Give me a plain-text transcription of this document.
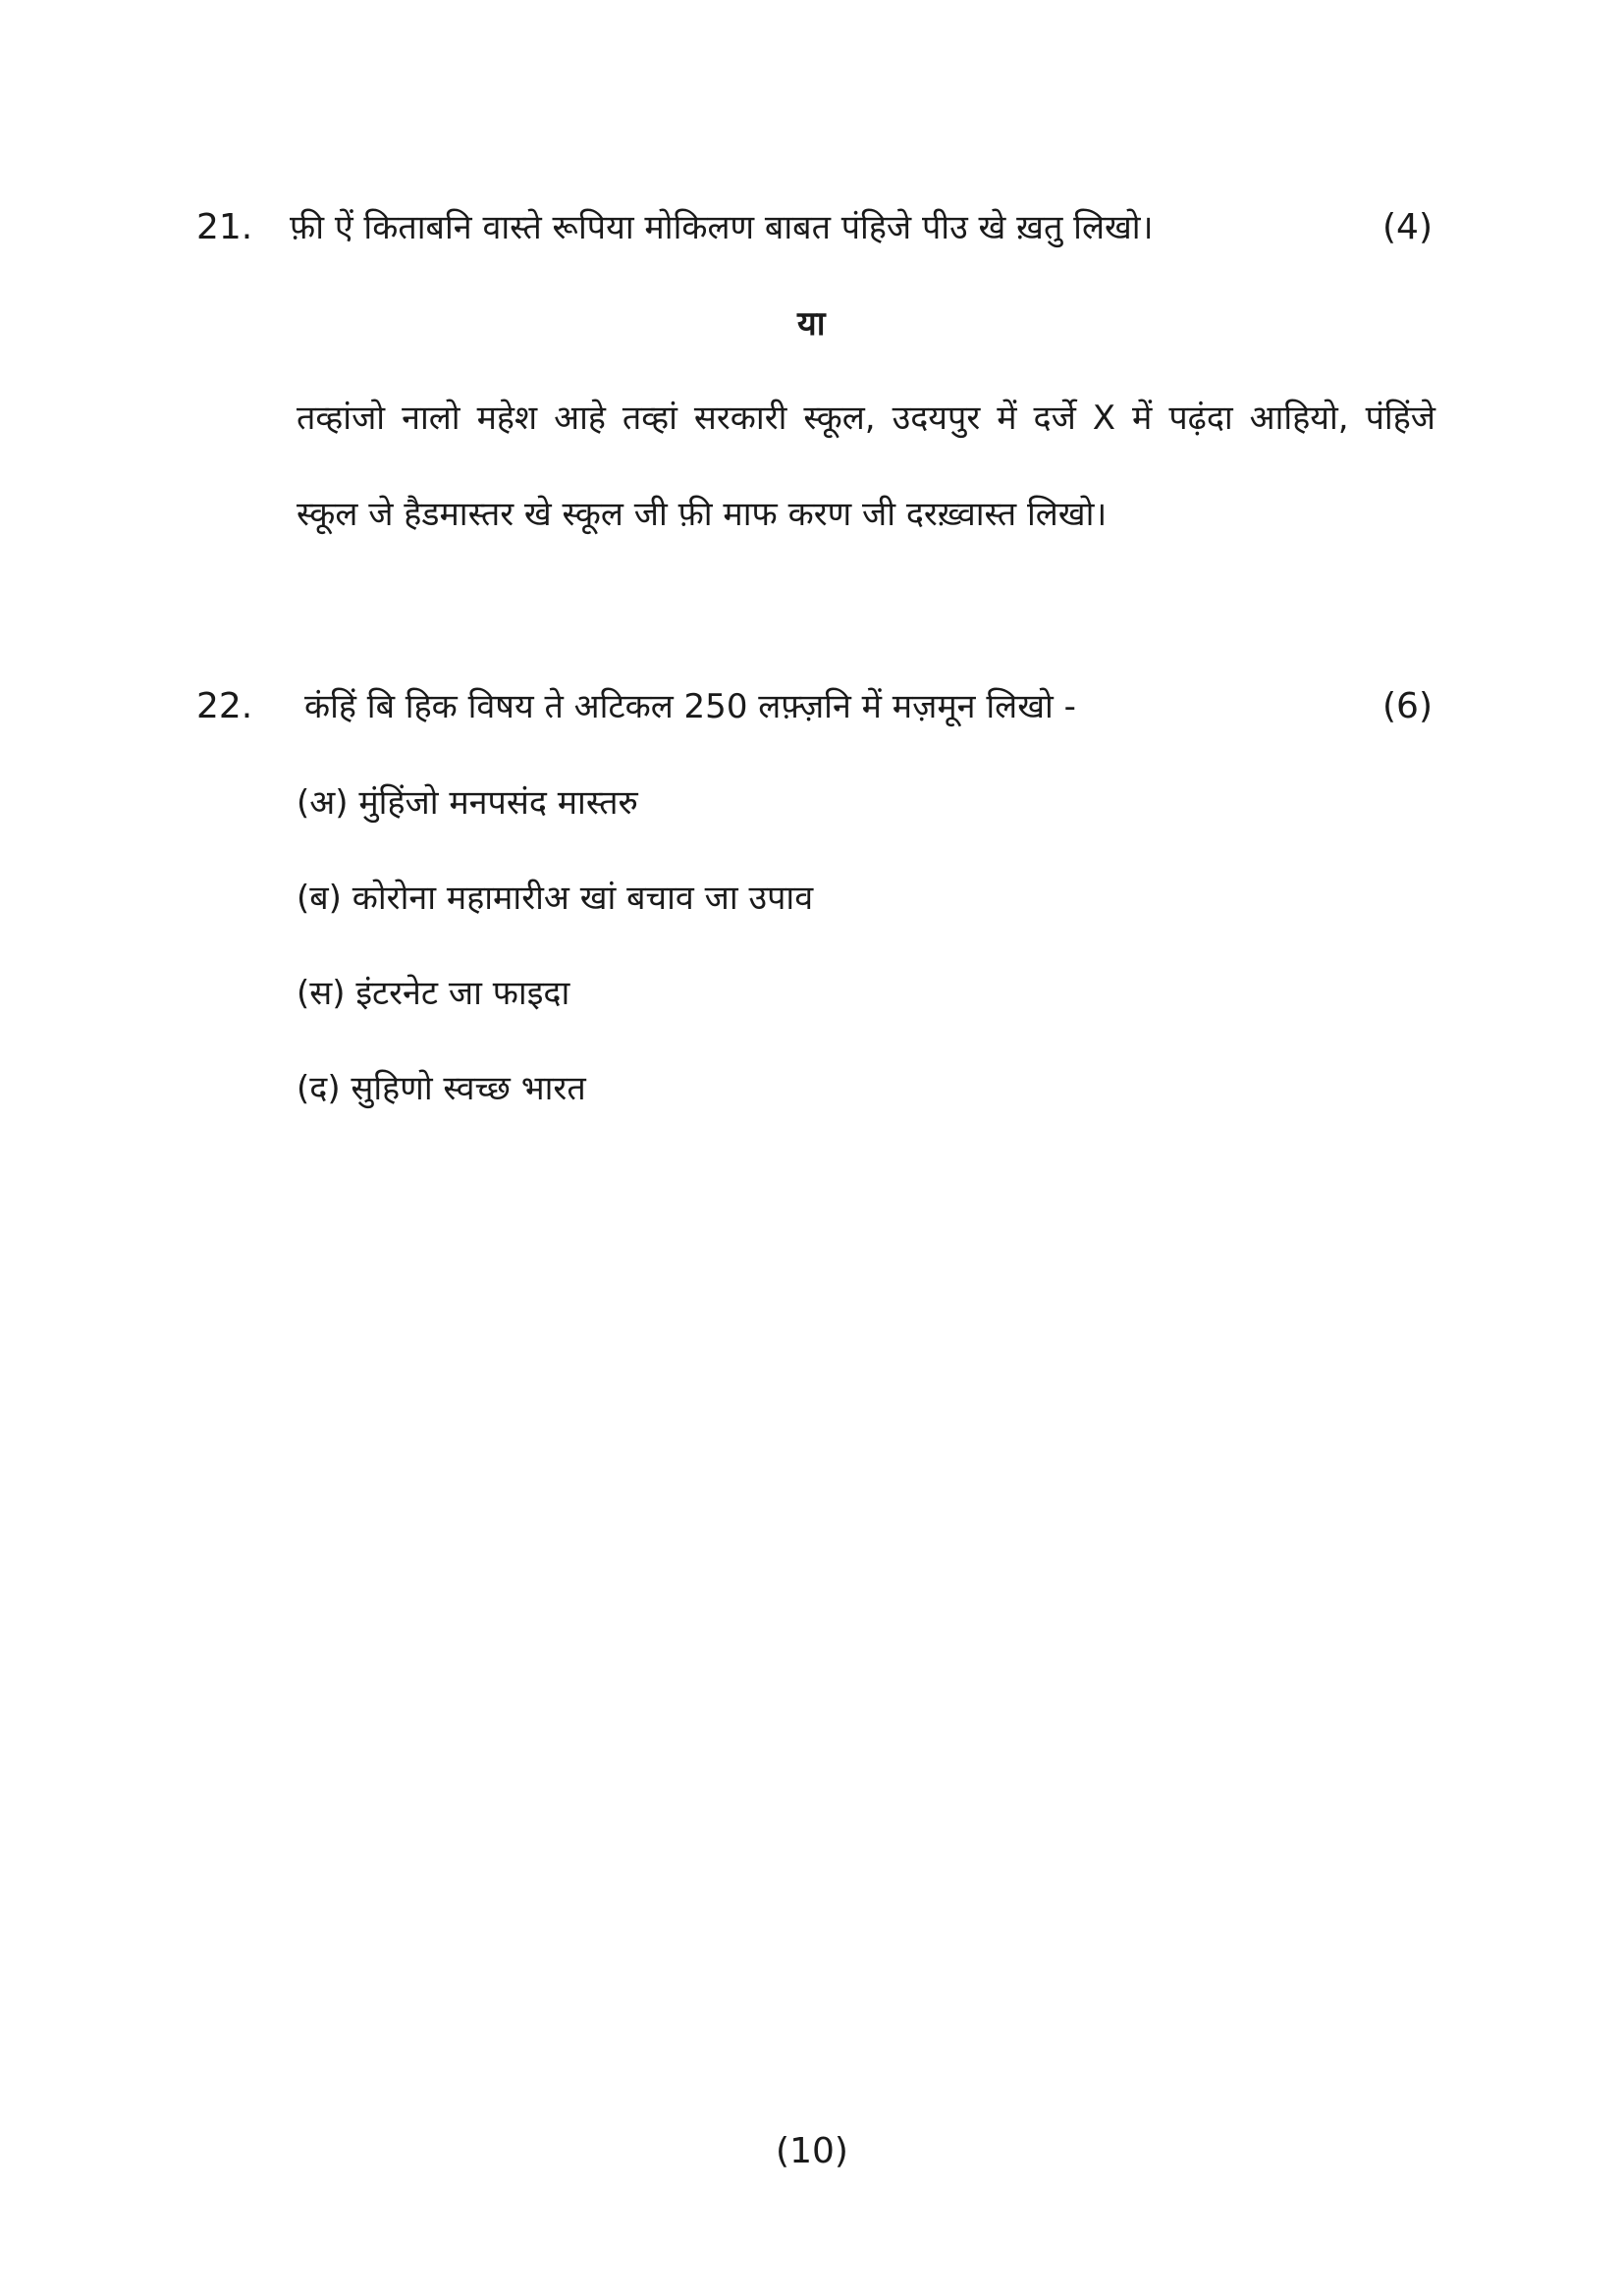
21. फ़ी ऐं किताबनि वास्ते रूपिया मोकिलण बाबत पंहिजे पीउ खे ख़तु लिखो।	(4)
या
तव्हांजो नालो महेश आहे तव्हां सरकारी स्कूल, उदयपुर में दर्जे X में पढ़ंदा आहियो, पंहिंजे
स्कूल जे हैडमास्तर खे स्कूल जी फ़ी माफ करण जी दरख़्वास्त लिखो।
22. कंहिं बि हिक विषय ते अटिकल 250 लफ़्ज़नि में मज़मून लिखो -	(6)
(अ) मुंहिंजो मनपसंद मास्तरु
(ब) कोरोना महामारीअ खां बचाव जा उपाव
(स) इंटरनेट जा फाइदा
(द) सुहिणो स्वच्छ भारत
(10)
